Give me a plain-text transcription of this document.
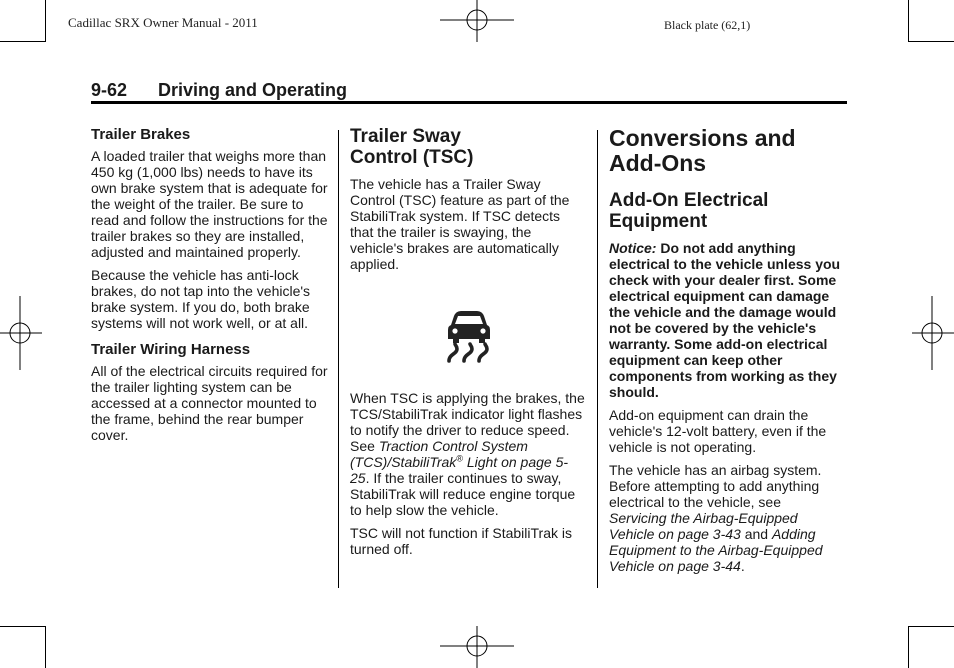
Cadillac SRX Owner Manual - 2011	Black plate (62,1)
9-62 Driving and Operating
Trailer Brakes

A loaded trailer that weighs more than 450 kg (1,000 lbs) needs to have its own brake system that is adequate for the weight of the trailer. Be sure to read and follow the instructions for the trailer brakes so they are installed, adjusted and maintained properly.

Because the vehicle has anti-lock brakes, do not tap into the vehicle's brake system. If you do, both brake systems will not work well, or at all.

Trailer Wiring Harness

All of the electrical circuits required for the trailer lighting system can be accessed at a connector mounted to the frame, behind the rear bumper cover.

Trailer Sway Control (TSC)

The vehicle has a Trailer Sway Control (TSC) feature as part of the StabiliTrak system. If TSC detects that the trailer is swaying, the vehicle's brakes are automatically applied.

When TSC is applying the brakes, the TCS/StabiliTrak indicator light flashes to notify the driver to reduce speed. See Traction Control System (TCS)/StabiliTrak® Light on page 5-25. If the trailer continues to sway, StabiliTrak will reduce engine torque to help slow the vehicle.

TSC will not function if StabiliTrak is turned off.

Conversions and Add-Ons
Add-On Electrical Equipment

Notice: Do not add anything electrical to the vehicle unless you check with your dealer first. Some electrical equipment can damage the vehicle and the damage would not be covered by the vehicle's warranty. Some add-on electrical equipment can keep other components from working as they should.

Add-on equipment can drain the vehicle's 12-volt battery, even if the vehicle is not operating.

The vehicle has an airbag system. Before attempting to add anything electrical to the vehicle, see Servicing the Airbag-Equipped Vehicle on page 3-43 and Adding Equipment to the Airbag-Equipped Vehicle on page 3-44.
